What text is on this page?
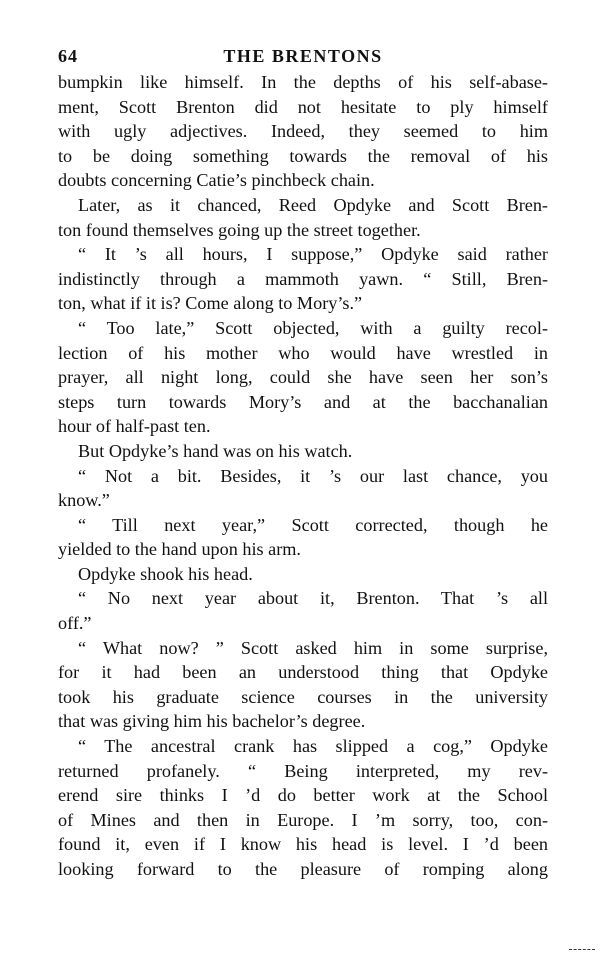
64	THE BRENTONS
bumpkin like himself. In the depths of his self-abase-
ment, Scott Brenton did not hesitate to ply himself
with ugly adjectives. Indeed, they seemed to him
to be doing something towards the removal of his
doubts concerning Catie’s pinchbeck chain.
Later, as it chanced, Reed Opdyke and Scott Bren-
ton found themselves going up the street together.
“ It ’s all hours, I suppose,” Opdyke said rather
indistinctly through a mammoth yawn. “ Still, Bren-
ton, what if it is? Come along to Mory’s.”
“ Too late,” Scott objected, with a guilty recol-
lection of his mother who would have wrestled in
prayer, all night long, could she have seen her son’s
steps turn towards Mory’s and at the bacchanalian
hour of half-past ten.
But Opdyke’s hand was on his watch.
“ Not a bit. Besides, it ’s our last chance, you
know.”
“ Till next year,” Scott corrected, though he
yielded to the hand upon his arm.
Opdyke shook his head.
“ No next year about it, Brenton. That ’s all
off.”
“ What now? ” Scott asked him in some surprise,
for it had been an understood thing that Opdyke
took his graduate science courses in the university
that was giving him his bachelor’s degree.
“ The ancestral crank has slipped a cog,” Opdyke
returned profanely. “ Being interpreted, my rev-
erend sire thinks I ’d do better work at the School
of Mines and then in Europe. I ’m sorry, too, con-
found it, even if I know his head is level. I ’d been
looking forward to the pleasure of romping along
